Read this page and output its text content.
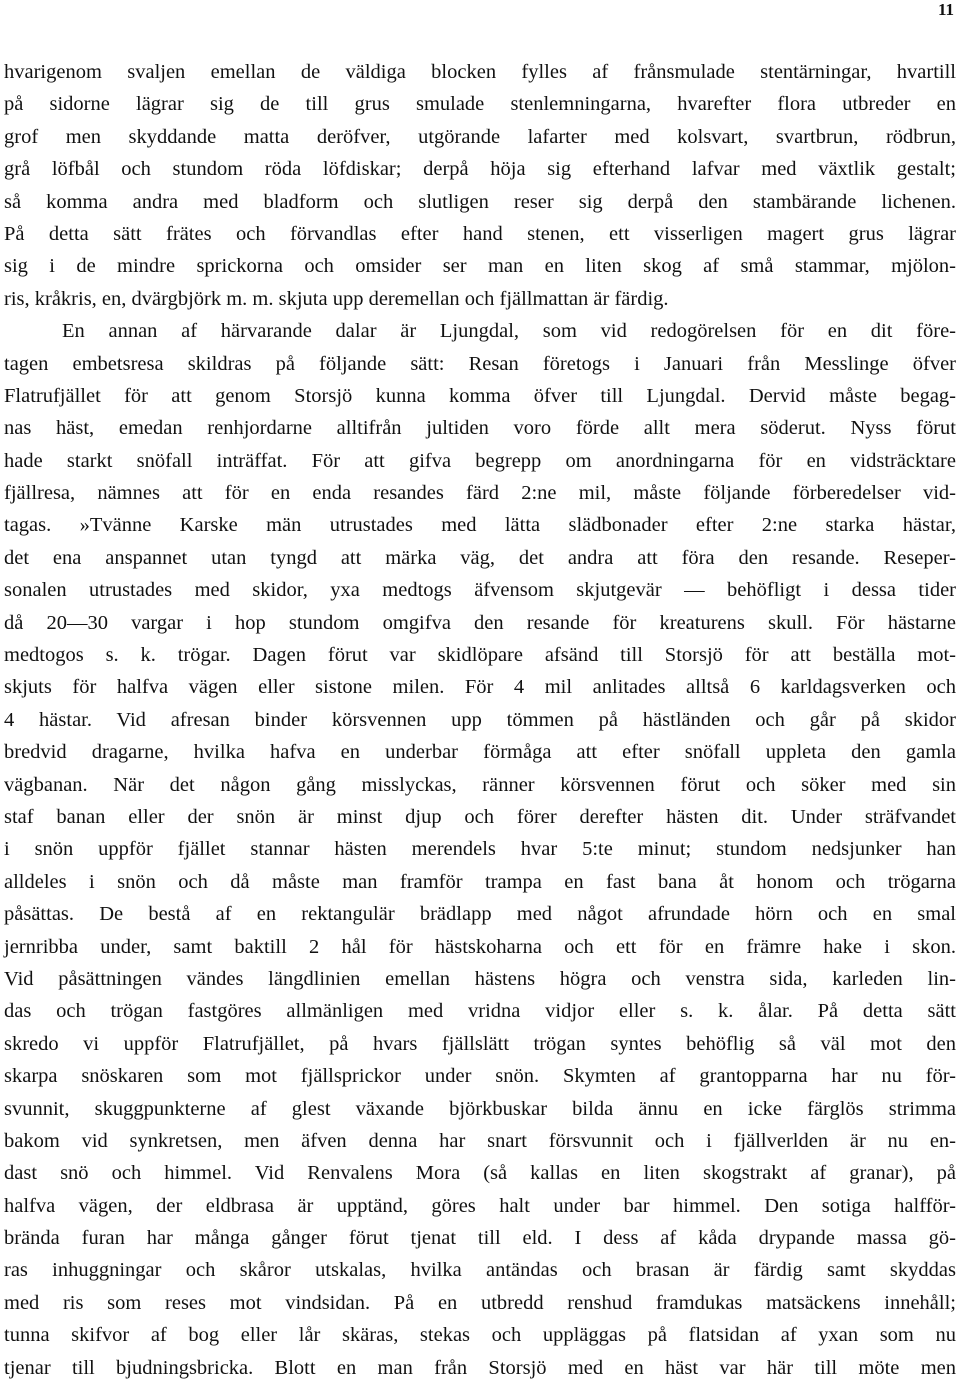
11
hvarigenom svaljen emellan de väldiga blocken fylles af frånsmulade stentärningar, hvartill
på sidorne lägrar sig de till grus smulade stenlemningarna, hvarefter flora utbreder en
grof men skyddande matta deröfver, utgörande lafarter med kolsvart, svartbrun, rödbrun,
grå löfbål och stundom röda löfdiskar; derpå höja sig efterhand lafvar med växtlik gestalt;
så komma andra med bladform och slutligen reser sig derpå den stambärande lichenen.
På detta sätt frätes och förvandlas efter hand stenen, ett visserligen magert grus lägrar
sig i de mindre sprickorna och omsider ser man en liten skog af små stammar, mjölon-
ris, kråkris, en, dvärgbjörk m. m. skjuta upp deremellan och fjällmattan är färdig.
En annan af härvarande dalar är Ljungdal, som vid redogörelsen för en dit före-
tagen embetsresa skildras på följande sätt: Resan företogs i Januari från Messlinge öfver
Flatrufjället för att genom Storsjö kunna komma öfver till Ljungdal. Dervid måste begag-
nas häst, emedan renhjordarne alltifrån jultiden voro förde allt mera söderut. Nyss förut
hade starkt snöfall inträffat. För att gifva begrepp om anordningarna för en vidsträcktare
fjällresa, nämnes att för en enda resandes färd 2:ne mil, måste följande förberedelser vid-
tagas. »Tvänne Karske män utrustades med lätta slädbonader efter 2:ne starka hästar,
det ena anspannet utan tyngd att märka väg, det andra att föra den resande. Reseper-
sonalen utrustades med skidor, yxa medtogs äfvensom skjutgevär — behöfligt i dessa tider
då 20—30 vargar i hop stundom omgifva den resande för kreaturens skull. För hästarne
medtogos s. k. trögar. Dagen förut var skidlöpare afsänd till Storsjö för att beställa mot-
skjuts för halfva vägen eller sistone milen. För 4 mil anlitades alltså 6 karldagsverken och
4 hästar. Vid afresan binder körsvennen upp tömmen på hästländen och går på skidor
bredvid dragarne, hvilka hafva en underbar förmåga att efter snöfall uppleta den gamla
vägbanan. När det någon gång misslyckas, ränner körsvennen förut och söker med sin
staf banan eller der snön är minst djup och förer derefter hästen dit. Under sträfvandet
i snön uppför fjället stannar hästen merendels hvar 5:te minut; stundom nedsjunker han
alldeles i snön och då måste man framför trampa en fast bana åt honom och trögarna
påsättas. De bestå af en rektangulär brädlapp med något afrundade hörn och en smal
jernribba under, samt baktill 2 hål för hästskoharna och ett för en främre hake i skon.
Vid påsättningen vändes längdlinien emellan hästens högra och venstra sida, karleden lin-
das och trögan fastgöres allmänligen med vridna vidjor eller s. k. ålar. På detta sätt
skredo vi uppför Flatrufjället, på hvars fjällslätt trögan syntes behöflig så väl mot den
skarpa snöskaren som mot fjällsprickor under snön. Skymten af grantopparna har nu för-
svunnit, skuggpunkterne af glest växande björkbuskar bilda ännu en icke färglös strimma
bakom vid synkretsen, men äfven denna har snart försvunnit och i fjällverlden är nu en-
dast snö och himmel. Vid Renvalens Mora (så kallas en liten skogstrakt af granar), på
halfva vägen, der eldbrasa är upptänd, göres halt under bar himmel. Den sotiga halfför-
brända furan har många gånger förut tjenat till eld. I dess af kåda drypande massa gö-
ras inhuggningar och skåror utskalas, hvilka antändas och brasan är färdig samt skyddas
med ris som reses mot vindsidan. På en utbredd renshud framdukas matsäckens innehåll;
tunna skifvor af bog eller lår skäras, stekas och uppläggas på flatsidan af yxan som nu
tjenar till bjudningsbricka. Blott en man från Storsjö med en häst var här till möte men
